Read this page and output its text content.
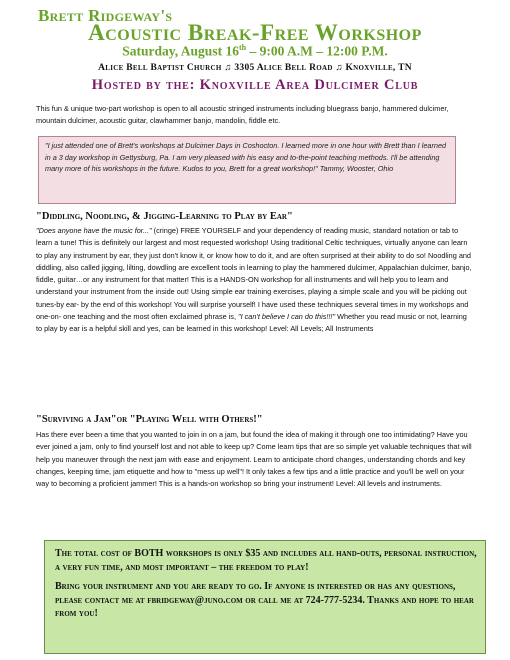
Brett Ridgeway's
Acoustic Break-Free Workshop
Saturday, August 16th – 9:00 A.M – 12:00 P.M.
Alice Bell Baptist Church ♫ 3305 Alice Bell Road ♫ Knoxville, TN
Hosted by the: Knoxville Area Dulcimer Club
This fun & unique two-part workshop is open to all acoustic stringed instruments including bluegrass banjo, hammered dulcimer, mountain dulcimer, acoustic guitar, clawhammer banjo, mandolin, fiddle etc.
"I just attended one of Brett's workshops at Dulcimer Days in Coshocton. I learned more in one hour with Brett than I learned in a 3 day workshop in Gettysburg, Pa. I am very pleased with his easy and to-the-point teaching methods. I'll be attending many more of his workshops in the future. Kudos to you, Brett for a great workshop!" Tammy, Wooster, Ohio
"Diddling, Noodling, & Jigging-Learning to Play by Ear"
"Does anyone have the music for..." (cringe) FREE YOURSELF and your dependency of reading music, standard notation or tab to learn a tune! This is definitely our largest and most requested workshop! Using traditional Celtic techniques, virtually anyone can learn to play any instrument by ear, they just don't know it, or know how to do it, and are often surprised at their ability to do so! Noodling and diddling, also called jigging, lilting, dowdling are excellent tools in learning to play the hammered dulcimer, Appalachian dulcimer, banjo, fiddle, guitar…or any instrument for that matter! This is a HANDS-ON workshop for all instruments and will help you to learn and understand your instrument from the inside out! Using simple ear training exercises, playing a simple scale and you will be picking out tunes-by ear- by the end of this workshop! You will surprise yourself! I have used these techniques several times in my workshops and one-on- one teaching and the most often exclaimed phrase is, "I can't believe I can do this!!!" Whether you read music or not, learning to play by ear is a helpful skill and yes, can be learned in this workshop! Level: All Levels; All Instruments
"Surviving a Jam"or "Playing Well with Others!"
Has there ever been a time that you wanted to join in on a jam, but found the idea of making it through one too intimidating? Have you ever joined a jam, only to find yourself lost and not able to keep up? Come learn tips that are so simple yet valuable techniques that will help you maneuver through the next jam with ease and enjoyment. Learn to anticipate chord changes, understanding chords and key changes, keeping time, jam etiquette and how to "mess up well"! It only takes a few tips and a little practice and you'll be well on your way to becoming a proficient jammer! This is a hands-on workshop so bring your instrument! Level: All levels and instruments.

The total cost of BOTH workshops is only $35 and includes all hand-outs, personal instruction, a very fun time, and most important – the freedom to play!

Bring your instrument and you are ready to go. If anyone is interested or has any questions, please contact me at fbridgeway@juno.com or call me at 724-777-5234. Thanks and hope to hear from you!
